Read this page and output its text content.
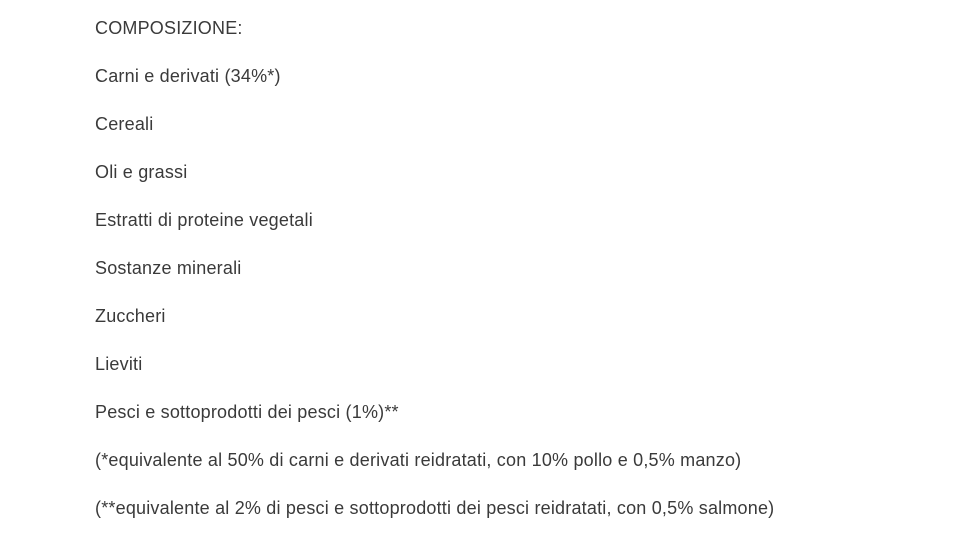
COMPOSIZIONE:
Carni e derivati (34%*)
Cereali
Oli e grassi
Estratti di proteine vegetali
Sostanze minerali
Zuccheri
Lieviti
Pesci e sottoprodotti dei pesci (1%)**
(*equivalente al 50% di carni e derivati reidratati, con 10% pollo e 0,5% manzo)
(**equivalente al 2% di pesci e sottoprodotti dei pesci reidratati, con 0,5% salmone)
